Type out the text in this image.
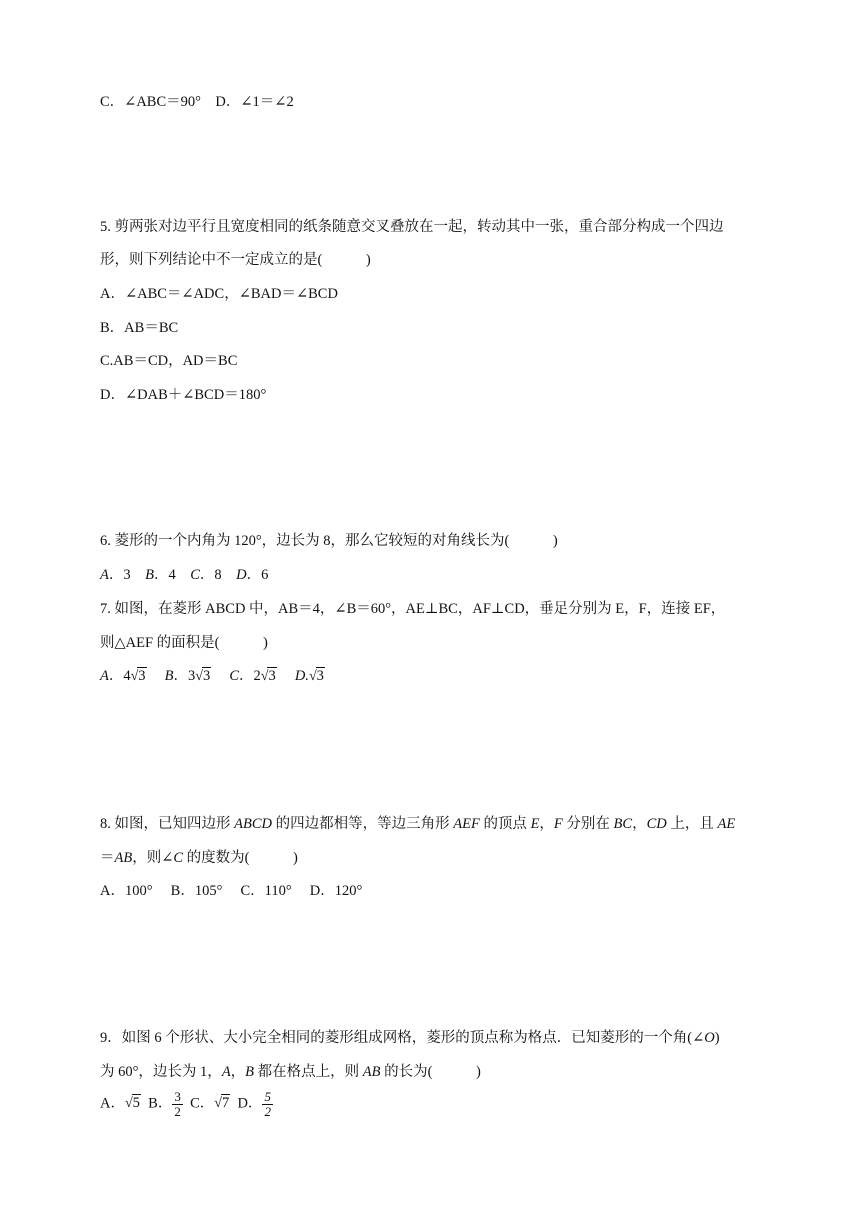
C．∠ABC＝90°　D．∠1＝∠2
A	D
O
B	C
1 2
5. 剪两张对边平行且宽度相同的纸条随意交叉叠放在一起，转动其中一张，重合部分构成一个四边
形，则下列结论中不一定成立的是(　　　)
A．∠ABC＝∠ADC，∠BAD＝∠BCD
B．AB＝BC
C.AB＝CD，AD＝BC
D．∠DAB＋∠BCD＝180°
A
B
D
C
6. 菱形的一个内角为 120°，边长为 8，那么它较短的对角线长为(　　　)
A．3　B．4　C．8　D．6
7. 如图，在菱形 ABCD 中，AB＝4，∠B＝60°，AE⊥BC，AF⊥CD，垂足分别为 E，F，连接 EF，
则△AEF 的面积是(　　　)
A．4√3　 B．3√3　 C．2√3　 D.√3
A
B	D
E	F
C
8. 如图，已知四边形 ABCD 的四边都相等，等边三角形 AEF 的顶点 E，F 分别在 BC，CD 上，且 AE
＝AB，则∠C 的度数为(　　　)
A．100°　 B．105°　 C．110°　 D．120°
A
B	D
E	F
C
9．如图 6 个形状、大小完全相同的菱形组成网格，菱形的顶点称为格点．已知菱形的一个角(∠O)
为 60°，边长为 1，A，B 都在格点上，则 AB 的长为(　　　)
A．√5 B． $\frac{3}{2}$ C．√7 D． $\frac{5}{2}$
